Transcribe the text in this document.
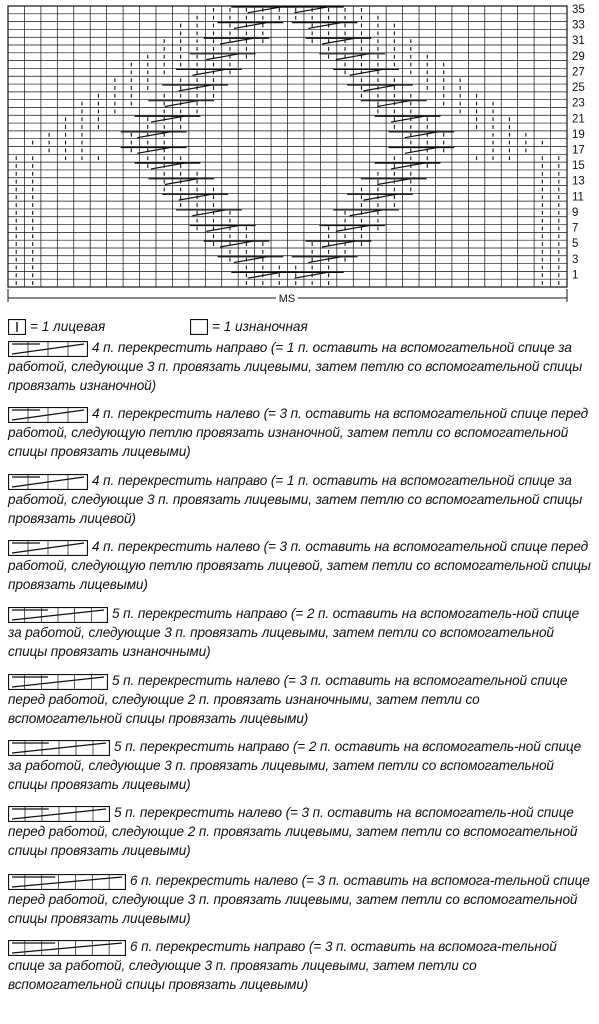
35
33
31
29
27
25
23
21
19
17
15
13
11
9
7
5
3
1
MS
= 1 лицевая	= 1 изнаночная
4 п. перекрестить направо (= 1 п. оставить на вспомогательной спице за работой, следующие 3 п. провязать лицевыми, затем петлю со вспомогательной спицы провязать изнаночной)
4 п. перекрестить налево (= 3 п. оставить на вспомогательной спице перед работой, следующую петлю провязать изнаночной, затем петли со вспомогательной спицы провязать лицевыми)
4 п. перекрестить направо (= 1 п. оставить на вспомогательной спице за работой, следующие 3 п. провязать лицевыми, затем петлю со вспомогательной спицы провязать лицевой)
4 п. перекрестить налево (= 3 п. оставить на вспомогательной спице перед работой, следующую петлю провязать лицевой, затем петли со вспомогательной спицы провязать лицевыми)
5 п. перекрестить направо (= 2 п. оставить на вспомогатель-ной спице за работой, следующие 3 п. провязать лицевыми, затем петли со вспомогательной спицы провязать изнаночными)
5 п. перекрестить налево (= 3 п. оставить на вспомогательной спице перед работой, следующие 2 п. провязать изнаночными, затем петли со вспомогательной спицы провязать лицевыми)
5 п. перекрестить направо (= 2 п. оставить на вспомогатель-ной спице за работой, следующие 3 п. провязать лицевыми, затем петли со вспомогательной спицы провязать лицевыми)
5 п. перекрестить налево (= 3 п. оставить на вспомогатель-ной спице перед работой, следующие 2 п. провязать лицевыми, затем петли со вспомогательной спицы провязать лицевыми)
6 п. перекрестить налево (= 3 п. оставить на вспомога-тельной спице перед работой, следующие 3 п. провязать лицевыми, затем петли со вспомогательной спицы провязать лицевыми)
6 п. перекрестить направо (= 3 п. оставить на вспомога-тельной спице за работой, следующие 3 п. провязать лицевыми, затем петли со вспомогательной спицы провязать лицевыми)
